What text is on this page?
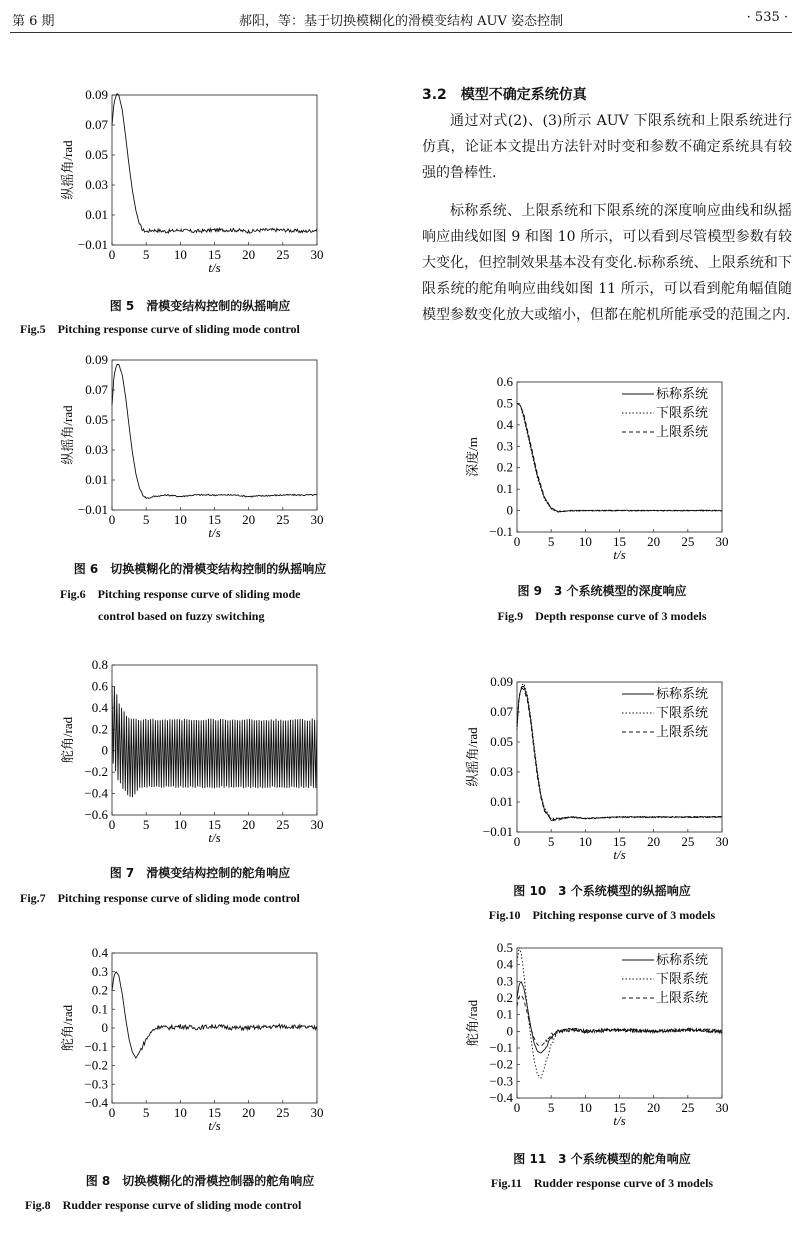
第 6 期	郝阳，等：基于切换模糊化的滑模变结构 AUV 姿态控制	· 535 ·
0 5 10 15 20 25 30
−0.01
0.01
0.03
0.05
0.07
0.09
t/s
纵摇角/rad
图 5　滑模变结构控制的纵摇响应
Fig.5　Pitching response curve of sliding mode control
0 5 10 15 20 25 30
−0.01
0.01
0.03
0.05
0.07
0.09
t/s
纵摇角/rad
图 6　切换模糊化的滑模变结构控制的纵摇响应
Fig.6　Pitching response curve of sliding mode
control based on fuzzy switching
0 5 10 15 20 25 30
−0.6
−0.4
−0.2
0
0.2
0.4
0.6
0.8
t/s
舵角/rad
图 7　滑模变结构控制的舵角响应
Fig.7　Pitching response curve of sliding mode control
0 5 10 15 20 25 30
−0.4
−0.3
−0.2
−0.1
0
0.1
0.2
0.3
0.4
t/s
舵角/rad
图 8　切换模糊化的滑模控制器的舵角响应
Fig.8　Rudder response curve of sliding mode control
3.2　模型不确定系统仿真
通过对式(2)、(3)所示 AUV 下限系统和上限系统进行仿真，论证本文提出方法针对时变和参数不确定系统具有较强的鲁棒性.
标称系统、上限系统和下限系统的深度响应曲线和纵摇响应曲线如图 9 和图 10 所示，可以看到尽管模型参数有较大变化，但控制效果基本没有变化.标称系统、上限系统和下限系统的舵角响应曲线如图 11 所示，可以看到舵角幅值随模型参数变化放大或缩小，但都在舵机所能承受的范围之内.
0 5 10 15 20 25 30
−0.1
0
0.1
0.2
0.3
0.4
0.5
0.6
t/s
深度/m
标称系统
下限系统
上限系统
图 9　3 个系统模型的深度响应
Fig.9　Depth response curve of 3 models
0 5 10 15 20 25 30
−0.01
0.01
0.03
0.05
0.07
0.09
t/s
纵摇角/rad
标称系统
下限系统
上限系统
图 10　3 个系统模型的纵摇响应
Fig.10　Pitching response curve of 3 models
0 5 10 15 20 25 30
−0.4
−0.3
−0.2
−0.1
0
0.1
0.2
0.3
0.4
0.5
t/s
舵角/rad
标称系统
下限系统
上限系统
图 11　3 个系统模型的舵角响应
Fig.11　Rudder response curve of 3 models
